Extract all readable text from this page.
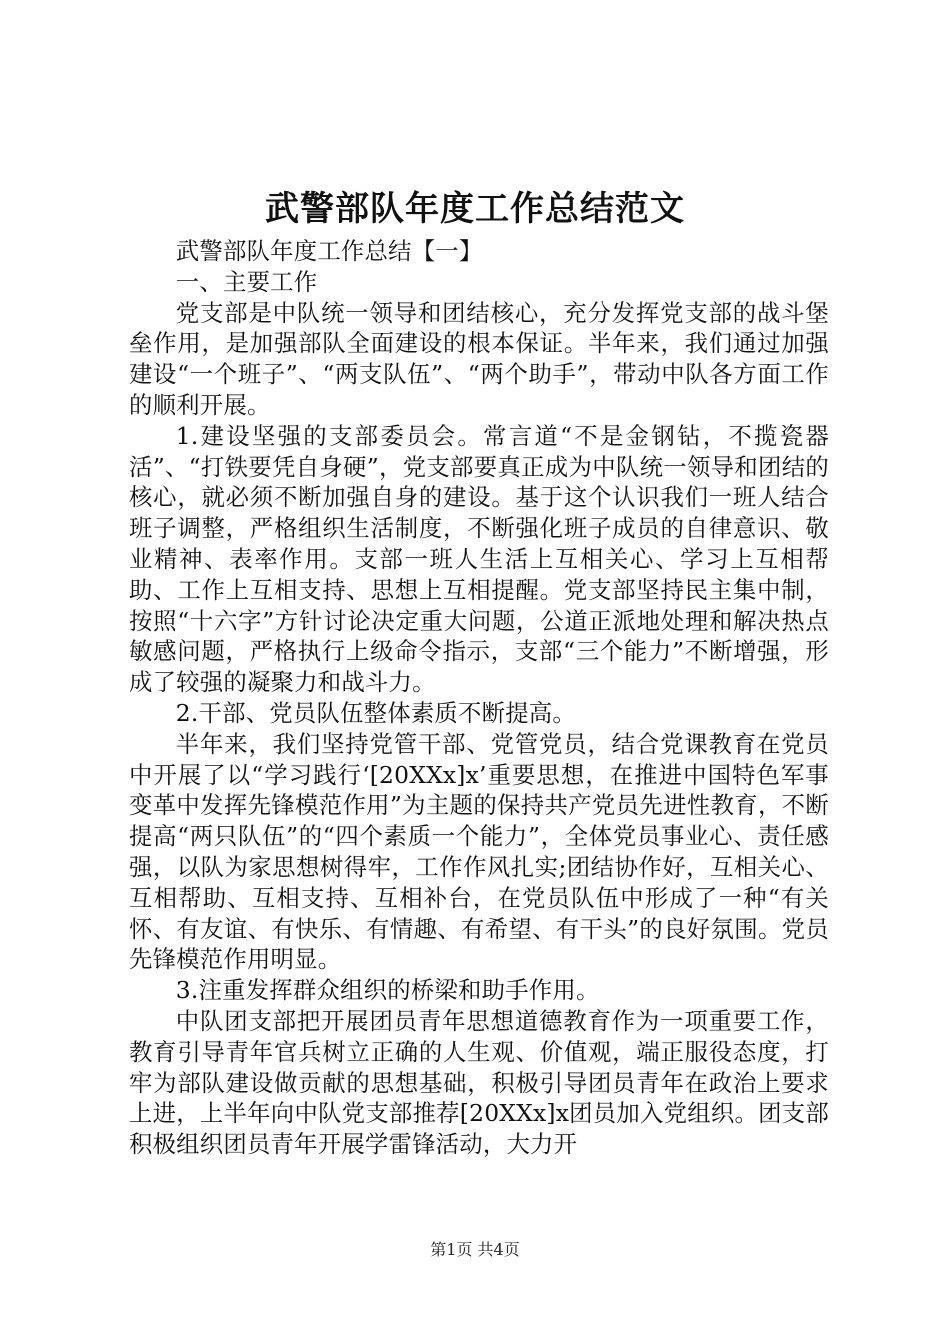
武警部队年度工作总结范文

武警部队年度工作总结【一】

一、主要工作

党支部是中队统一领导和团结核心，充分发挥党支部的战斗堡垒作用，是加强部队全面建设的根本保证。半年来，我们通过加强建设“一个班子”、“两支队伍”、“两个助手”，带动中队各方面工作的顺利开展。

1.建设坚强的支部委员会。常言道“不是金钢钻，不揽瓷器活”、“打铁要凭自身硬”，党支部要真正成为中队统一领导和团结的核心，就必须不断加强自身的建设。基于这个认识我们一班人结合班子调整，严格组织生活制度，不断强化班子成员的自律意识、敬业精神、表率作用。支部一班人生活上互相关心、学习上互相帮助、工作上互相支持、思想上互相提醒。党支部坚持民主集中制，按照“十六字”方针讨论决定重大问题，公道正派地处理和解决热点敏感问题，严格执行上级命令指示，支部“三个能力”不断增强，形成了较强的凝聚力和战斗力。

2.干部、党员队伍整体素质不断提高。

半年来，我们坚持党管干部、党管党员，结合党课教育在党员中开展了以“学习践行‘[20XXx]x’重要思想，在推进中国特色军事变革中发挥先锋模范作用”为主题的保持共产党员先进性教育，不断提高“两只队伍”的“四个素质一个能力”，全体党员事业心、责任感强，以队为家思想树得牢，工作作风扎实;团结协作好，互相关心、互相帮助、互相支持、互相补台，在党员队伍中形成了一种“有关怀、有友谊、有快乐、有情趣、有希望、有干头”的良好氛围。党员先锋模范作用明显。

3.注重发挥群众组织的桥梁和助手作用。

中队团支部把开展团员青年思想道德教育作为一项重要工作，教育引导青年官兵树立正确的人生观、价值观，端正服役态度，打牢为部队建设做贡献的思想基础，积极引导团员青年在政治上要求上进，上半年向中队党支部推荐[20XXx]x团员加入党组织。团支部积极组织团员青年开展学雷锋活动，大力开

第1页 共4页
